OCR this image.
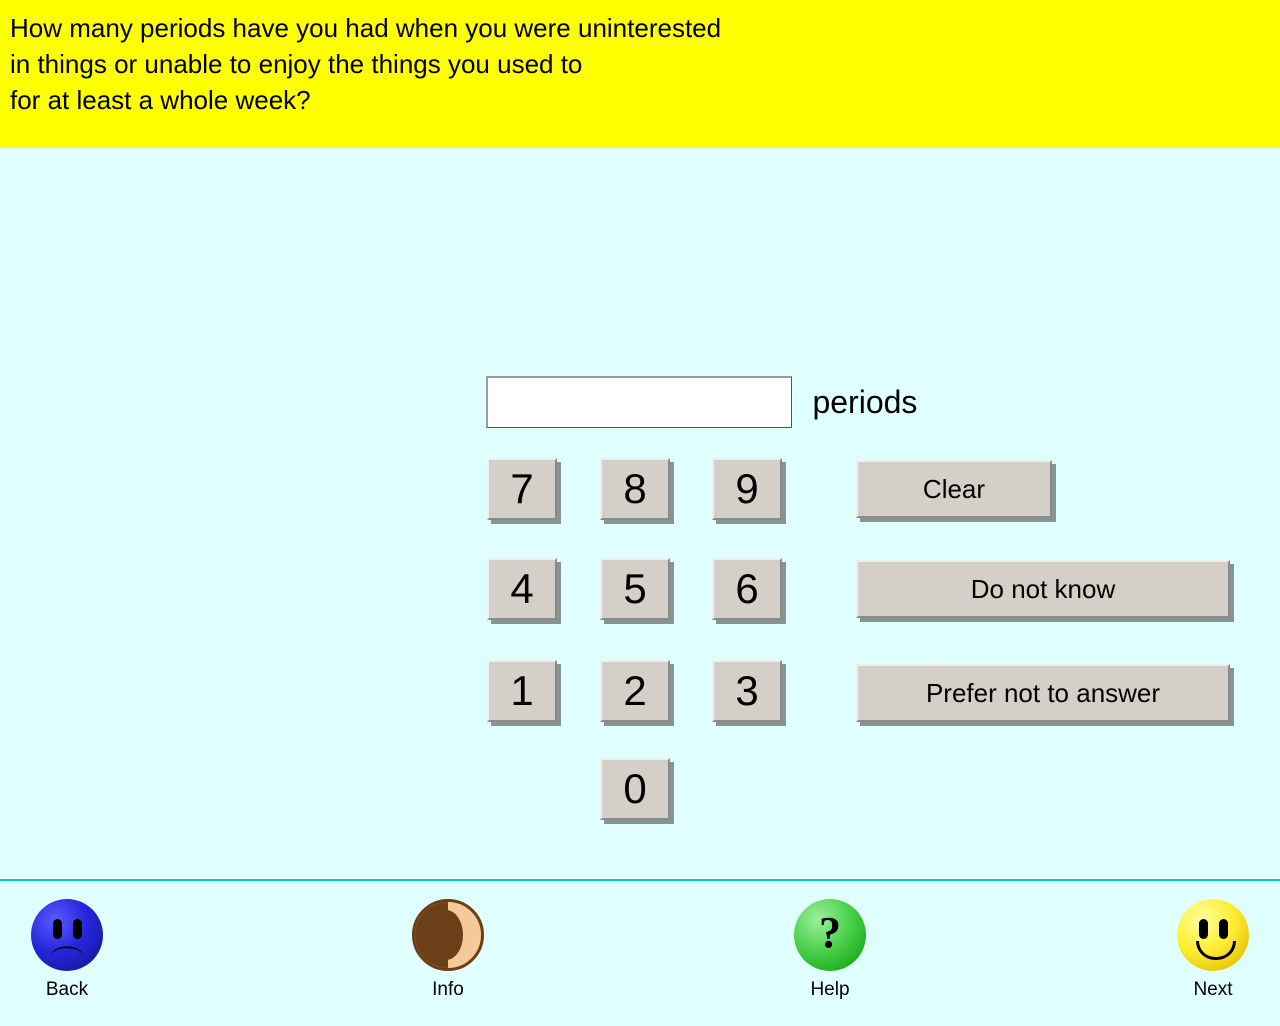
How many periods have you had when you were uninterested
in things or unable to enjoy the things you used to
for at least a whole week?
periods
7	8	9
4	5	6
1	2	3
0
Clear
Do not know
Prefer not to answer
Back	Info
?
Help	Next
